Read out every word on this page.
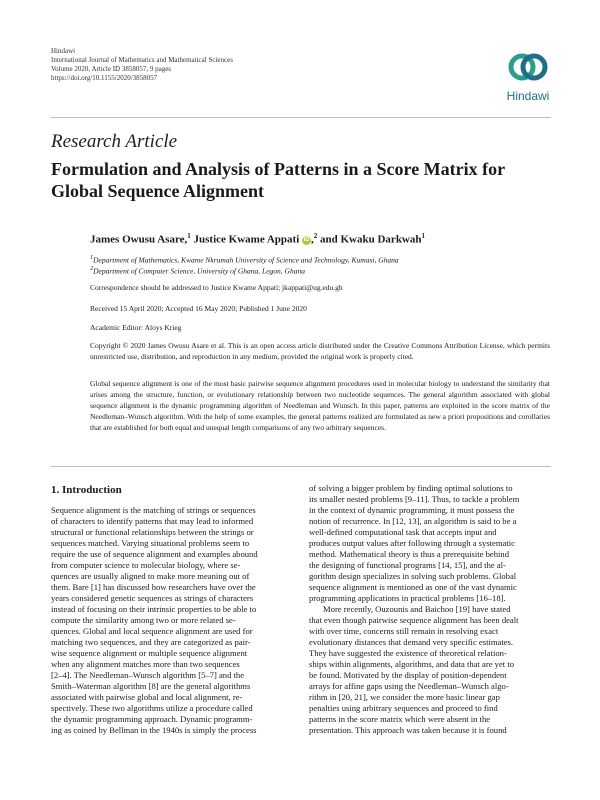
Hindawi
International Journal of Mathematics and Mathematical Sciences
Volume 2020, Article ID 3858057, 9 pages
https://doi.org/10.1155/2020/3858057
Hindawi
Research Article
Formulation and Analysis of Patterns in a Score Matrix for Global Sequence Alignment
James Owusu Asare,$^1$ Justice Kwame Appati iD ,$^2$ and Kwaku Darkwah$^1$
$^1$Department of Mathematics, Kwame Nkrumah University of Science and Technology, Kumasi, Ghana
$^2$Department of Computer Science, University of Ghana, Legon, Ghana
Correspondence should be addressed to Justice Kwame Appati; jkappati@ug.edu.gh
Received 15 April 2020; Accepted 16 May 2020; Published 1 June 2020
Academic Editor: Aloys Krieg
Copyright © 2020 James Owusu Asare et al. This is an open access article distributed under the Creative Commons Attribution License, which permits unrestricted use, distribution, and reproduction in any medium, provided the original work is properly cited.
Global sequence alignment is one of the most basic pairwise sequence alignment procedures used in molecular biology to understand the similarity that arises among the structure, function, or evolutionary relationship between two nucleotide sequences. The general algorithm associated with global sequence alignment is the dynamic programming algorithm of Needleman and Wunsch. In this paper, patterns are exploited in the score matrix of the Needleman–Wunsch algorithm. With the help of some examples, the general patterns realized are formulated as new a priori propositions and corollaries that are established for both equal and unequal length comparisons of any two arbitrary sequences.
1. Introduction
Sequence alignment is the matching of strings or sequences
of characters to identify patterns that may lead to informed
structural or functional relationships between the strings or
sequences matched. Varying situational problems seem to
require the use of sequence alignment and examples abound
from computer science to molecular biology, where se-
quences are usually aligned to make more meaning out of
them. Bare [1] has discussed how researchers have over the
years considered genetic sequences as strings of characters
instead of focusing on their intrinsic properties to be able to
compute the similarity among two or more related se-
quences. Global and local sequence alignment are used for
matching two sequences, and they are categorized as pair-
wise sequence alignment or multiple sequence alignment
when any alignment matches more than two sequences
[2–4]. The Needleman–Wunsch algorithm [5–7] and the
Smith–Waterman algorithm [8] are the general algorithms
associated with pairwise global and local alignment, re-
spectively. These two algorithms utilize a procedure called
the dynamic programming approach. Dynamic programm-
ing as coined by Bellman in the 1940s is simply the process
of solving a bigger problem by finding optimal solutions to
its smaller nested problems [9–11]. Thus, to tackle a problem
in the context of dynamic programming, it must possess the
notion of recurrence. In [12, 13], an algorithm is said to be a
well-defined computational task that accepts input and
produces output values after following through a systematic
method. Mathematical theory is thus a prerequisite behind
the designing of functional programs [14, 15], and the al-
gorithm design specializes in solving such problems. Global
sequence alignment is mentioned as one of the vast dynamic
programming applications in practical problems [16–18].
More recently, Ouzounis and Baichoo [19] have stated
that even though pairwise sequence alignment has been dealt
with over time, concerns still remain in resolving exact
evolutionary distances that demand very specific estimates.
They have suggested the existence of theoretical relation-
ships within alignments, algorithms, and data that are yet to
be found. Motivated by the display of position-dependent
arrays for affine gaps using the Needleman–Wunsch algo-
rithm in [20, 21], we consider the more basic linear gap
penalties using arbitrary sequences and proceed to find
patterns in the score matrix which were absent in the
presentation. This approach was taken because it is found
